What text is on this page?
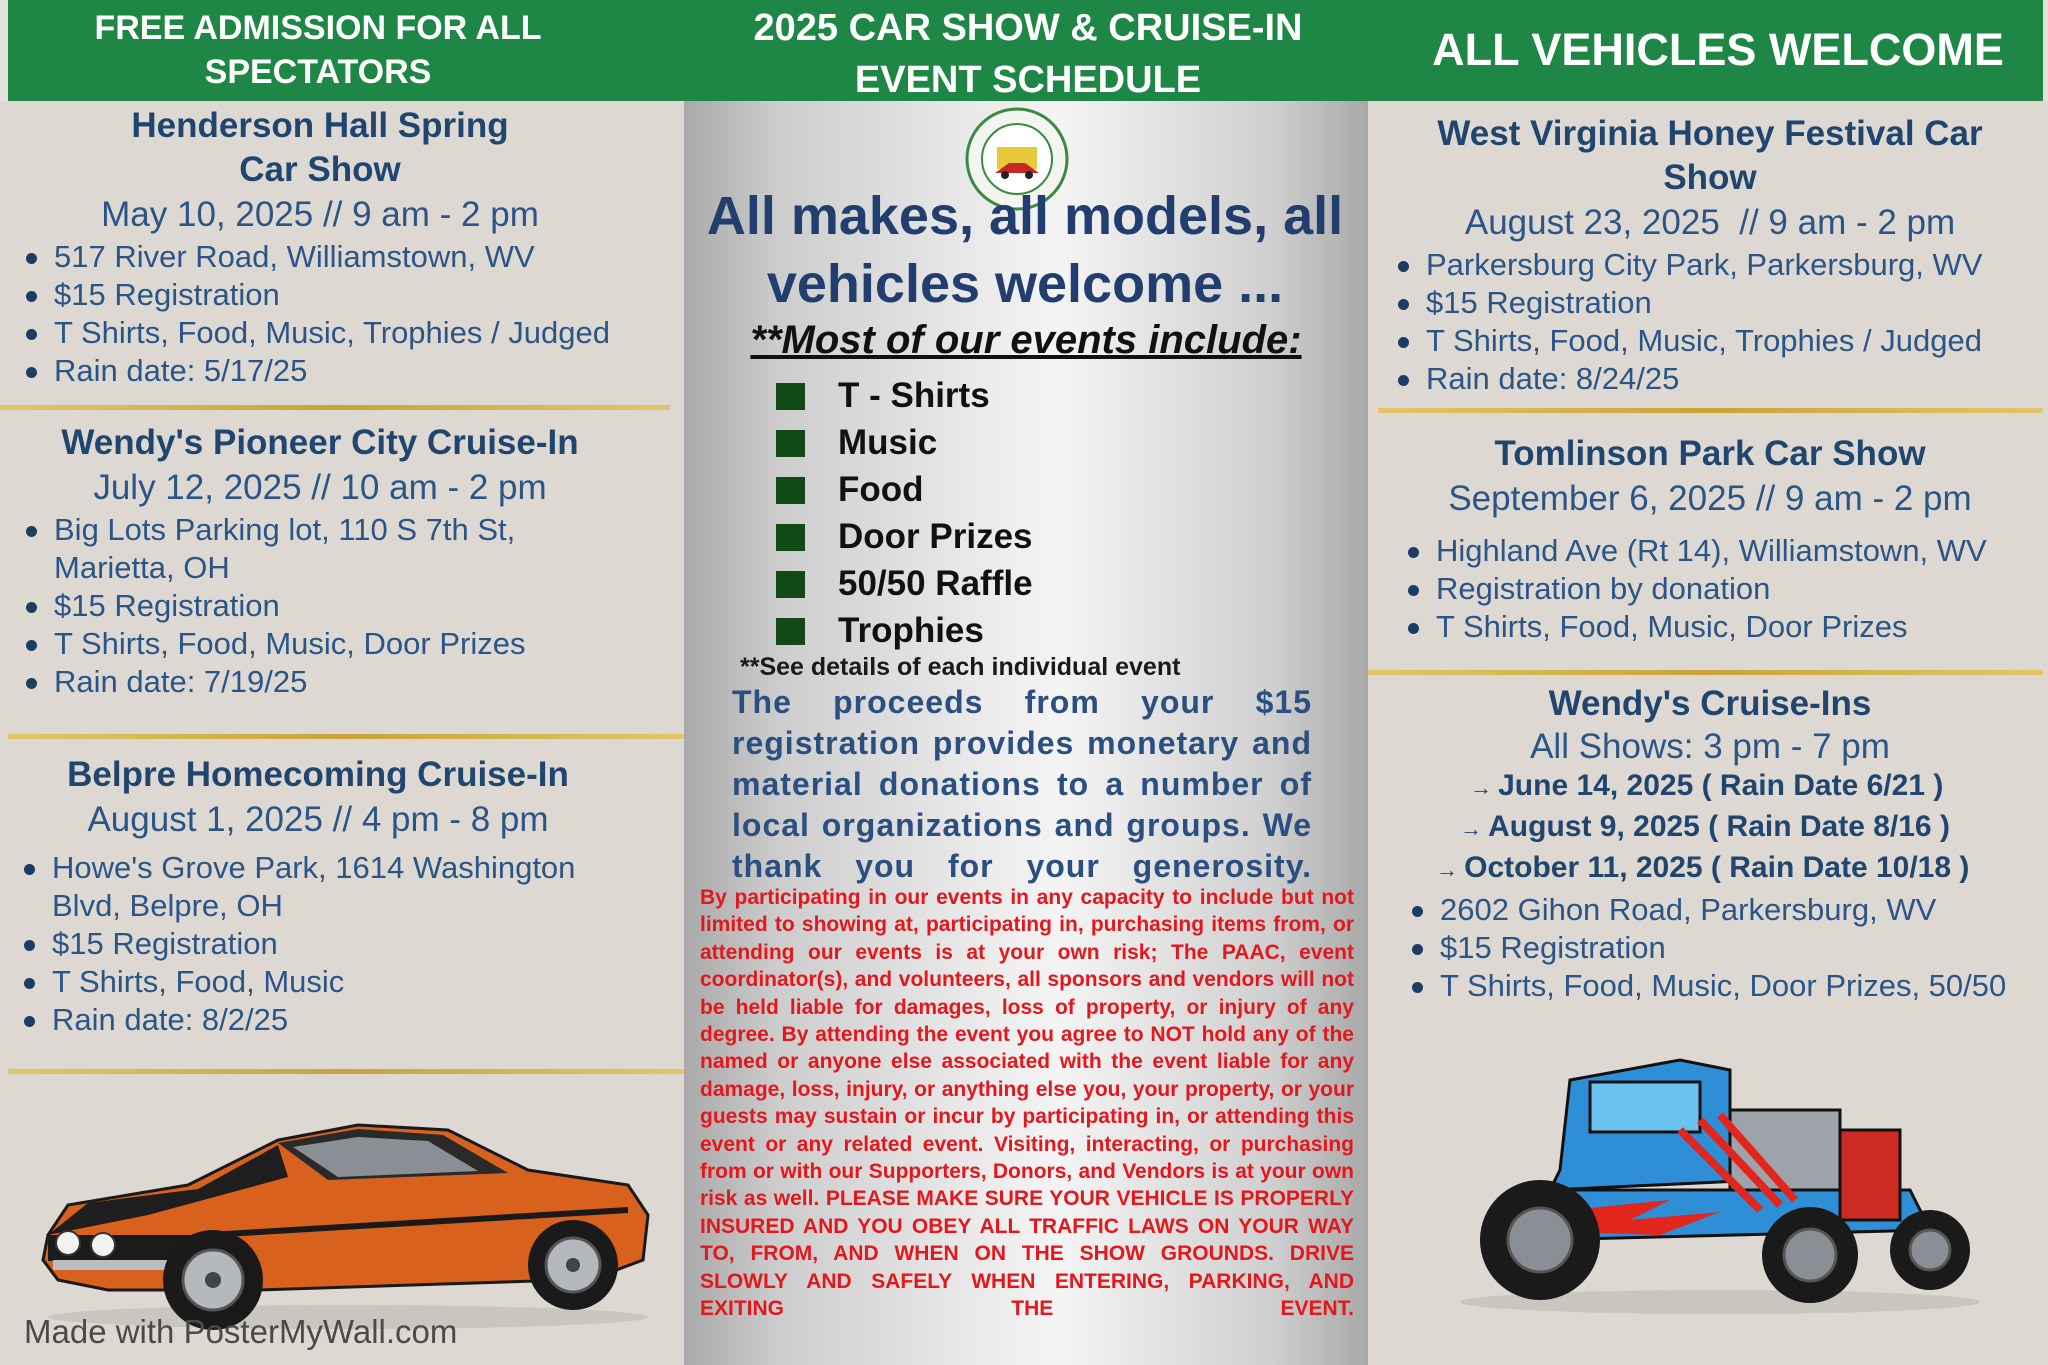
FREE ADMISSION FOR ALL SPECTATORS
2025 CAR SHOW & CRUISE-IN EVENT SCHEDULE
ALL VEHICLES WELCOME
Henderson Hall Spring Car Show
May 10, 2025 // 9 am - 2 pm
517 River Road, Williamstown, WV
$15 Registration
T Shirts, Food, Music, Trophies / Judged
Rain date: 5/17/25
Wendy's Pioneer City Cruise-In
July 12, 2025 // 10 am - 2 pm
Big Lots Parking lot, 110 S 7th St, Marietta, OH
$15 Registration
T Shirts, Food, Music, Door Prizes
Rain date: 7/19/25
Belpre Homecoming Cruise-In
August 1, 2025 // 4 pm - 8 pm
Howe's Grove Park, 1614 Washington Blvd, Belpre, OH
$15 Registration
T Shirts, Food, Music
Rain date: 8/2/25
All makes, all models, all vehicles welcome ...
**Most of our events include:
T - Shirts
Music
Food
Door Prizes
50/50 Raffle
Trophies
**See details of each individual event
The proceeds from your $15 registration provides monetary and material donations to a number of local organizations and groups. We thank you for your generosity.
By participating in our events in any capacity to include but not limited to showing at, participating in, purchasing items from, or attending our events is at your own risk; The PAAC, event coordinator(s), and volunteers, all sponsors and vendors will not be held liable for damages, loss of property, or injury of any degree. By attending the event you agree to NOT hold any of the named or anyone else associated with the event liable for any damage, loss, injury, or anything else you, your property, or your guests may sustain or incur by participating in, or attending this event or any related event. Visiting, interacting, or purchasing from or with our Supporters, Donors, and Vendors is at your own risk as well. PLEASE MAKE SURE YOUR VEHICLE IS PROPERLY INSURED AND YOU OBEY ALL TRAFFIC LAWS ON YOUR WAY TO, FROM, AND WHEN ON THE SHOW GROUNDS. DRIVE SLOWLY AND SAFELY WHEN ENTERING, PARKING, AND EXITING THE EVENT.
West Virginia Honey Festival Car Show
August 23, 2025  // 9 am - 2 pm
Parkersburg City Park, Parkersburg, WV
$15 Registration
T Shirts, Food, Music, Trophies / Judged
Rain date: 8/24/25
Tomlinson Park Car Show
September 6, 2025 // 9 am - 2 pm
Highland Ave (Rt 14), Williamstown, WV
Registration by donation
T Shirts, Food, Music, Door Prizes
Wendy's Cruise-Ins
All Shows: 3 pm - 7 pm
→ June 14, 2025 ( Rain Date 6/21 )
→ August 9, 2025 ( Rain Date 8/16 )
→ October 11, 2025 ( Rain Date 10/18 )
2602 Gihon Road, Parkersburg, WV
$15 Registration
T Shirts, Food, Music, Door Prizes, 50/50
Made with PosterMyWall.com
